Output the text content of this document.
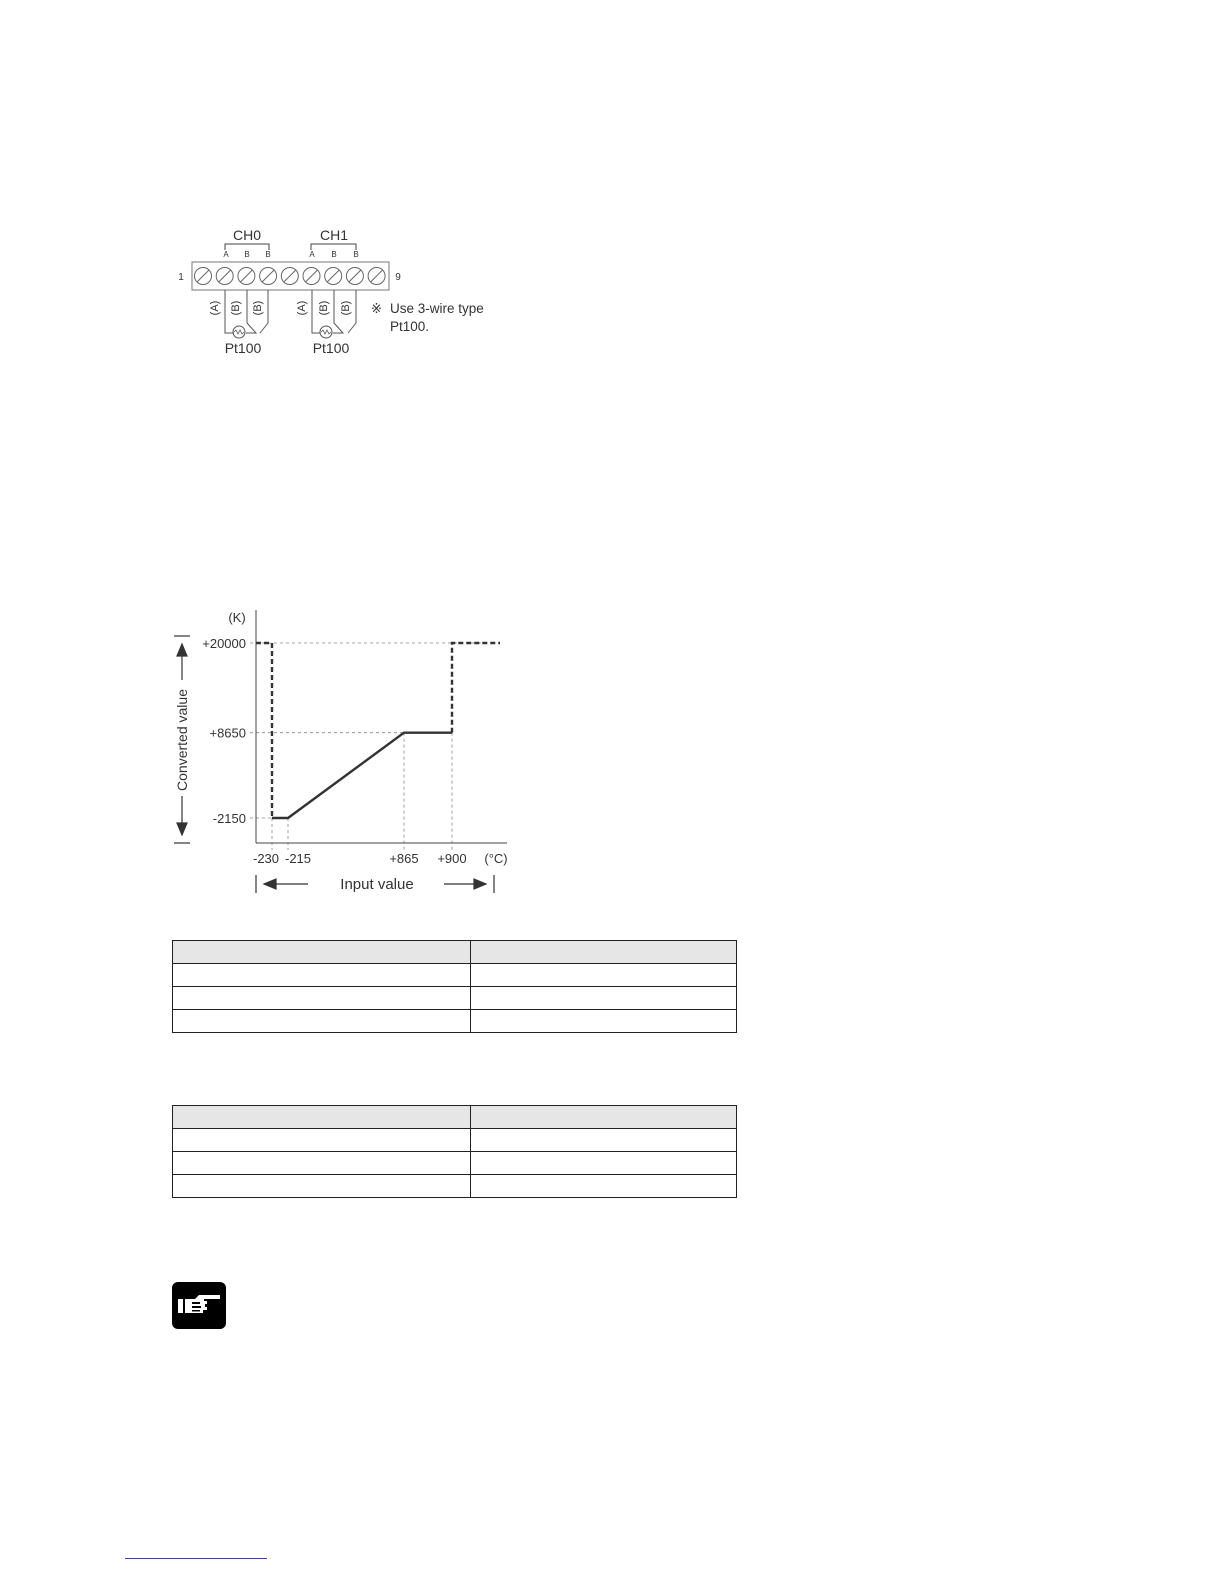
CH0	CH1
A B B	A B B
1	9
(A) (B) (B)	(A) (B) (B)
Pt100	Pt100
※ Use 3-wire type
Pt100.
-230 -215	+865 +900
+20000
+8650
-2150
(K)
(°C)
Converted value
Input value
